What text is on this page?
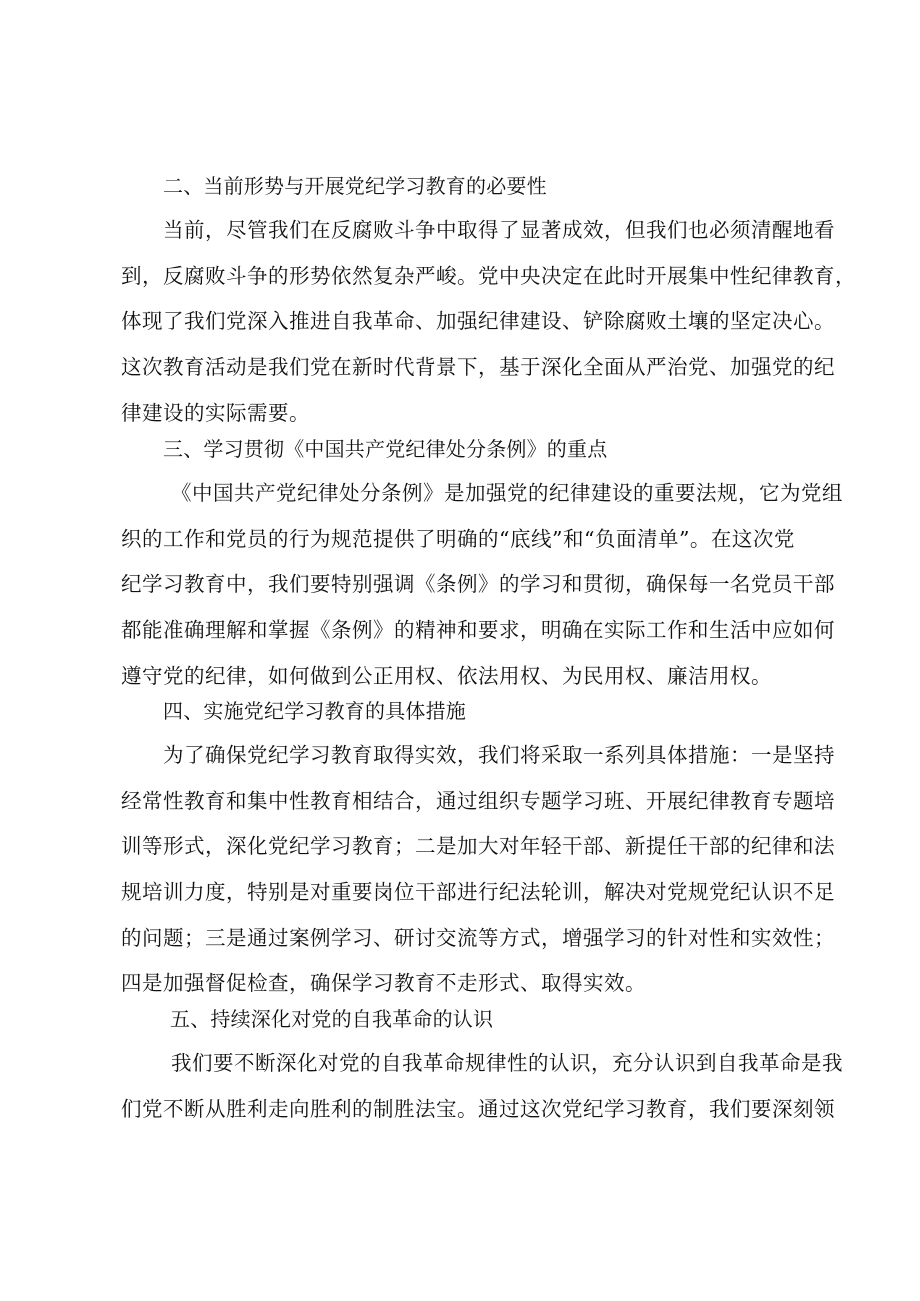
二、当前形势与开展党纪学习教育的必要性
当前，尽管我们在反腐败斗争中取得了显著成效，但我们也必须清醒地看
到，反腐败斗争的形势依然复杂严峻。党中央决定在此时开展集中性纪律教育，
体现了我们党深入推进自我革命、加强纪律建设、铲除腐败土壤的坚定决心。
这次教育活动是我们党在新时代背景下，基于深化全面从严治党、加强党的纪
律建设的实际需要。
三、学习贯彻《中国共产党纪律处分条例》的重点
《中国共产党纪律处分条例》是加强党的纪律建设的重要法规，它为党组
织的工作和党员的行为规范提供了明确的“底线”和“负面清单”。在这次党
纪学习教育中，我们要特别强调《条例》的学习和贯彻，确保每一名党员干部
都能准确理解和掌握《条例》的精神和要求，明确在实际工作和生活中应如何
遵守党的纪律，如何做到公正用权、依法用权、为民用权、廉洁用权。
四、实施党纪学习教育的具体措施
为了确保党纪学习教育取得实效，我们将采取一系列具体措施：一是坚持
经常性教育和集中性教育相结合，通过组织专题学习班、开展纪律教育专题培
训等形式，深化党纪学习教育；二是加大对年轻干部、新提任干部的纪律和法
规培训力度，特别是对重要岗位干部进行纪法轮训，解决对党规党纪认识不足
的问题；三是通过案例学习、研讨交流等方式，增强学习的针对性和实效性；
四是加强督促检查，确保学习教育不走形式、取得实效。
五、持续深化对党的自我革命的认识
我们要不断深化对党的自我革命规律性的认识，充分认识到自我革命是我
们党不断从胜利走向胜利的制胜法宝。通过这次党纪学习教育，我们要深刻领
